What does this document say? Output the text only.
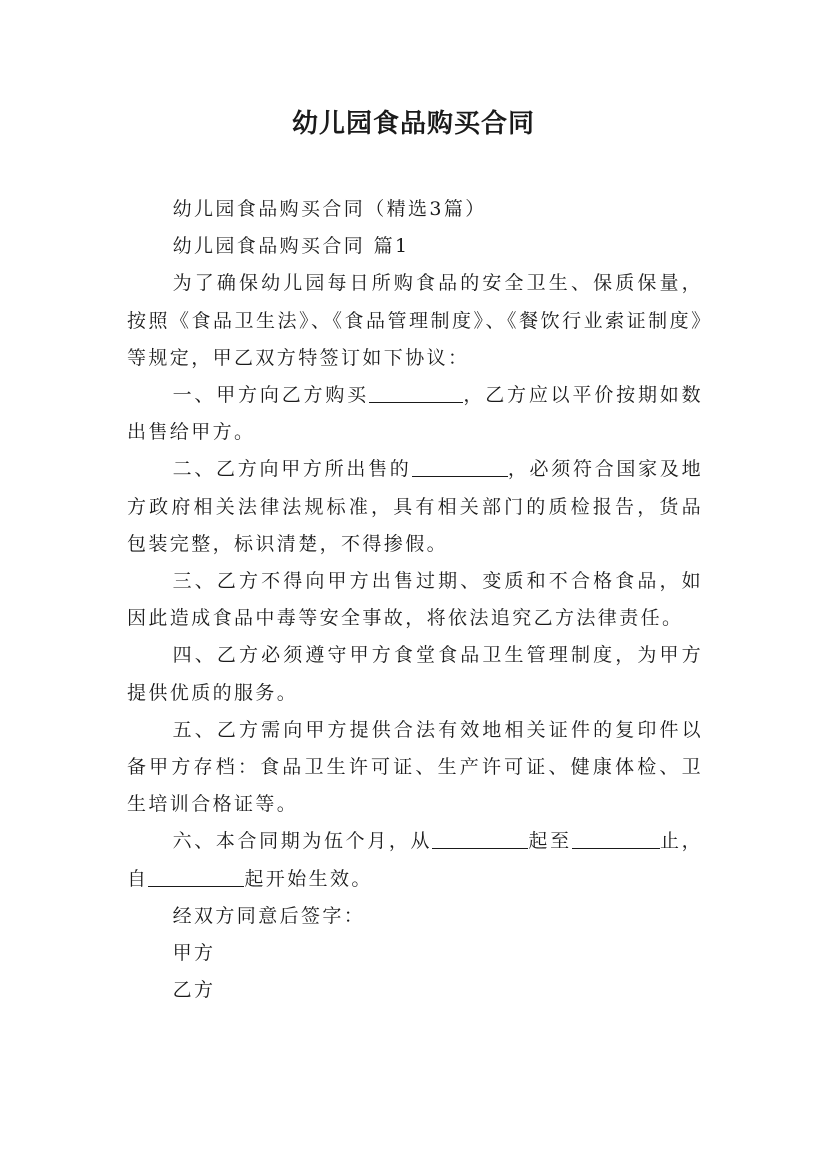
幼儿园食品购买合同

幼儿园食品购买合同（精选3篇）

幼儿园食品购买合同 篇1

为了确保幼儿园每日所购食品的安全卫生、保质保量，按照《食品卫生法》、《食品管理制度》、《餐饮行业索证制度》等规定，甲乙双方特签订如下协议：

一、甲方向乙方购买	，乙方应以平价按期如数出售给甲方。

二、乙方向甲方所出售的	，必须符合国家及地方政府相关法律法规标准，具有相关部门的质检报告，货品包装完整，标识清楚，不得掺假。

三、乙方不得向甲方出售过期、变质和不合格食品，如因此造成食品中毒等安全事故，将依法追究乙方法律责任。

四、乙方必须遵守甲方食堂食品卫生管理制度，为甲方提供优质的服务。

五、乙方需向甲方提供合法有效地相关证件的复印件以备甲方存档：食品卫生许可证、生产许可证、健康体检、卫生培训合格证等。

六、本合同期为伍个月，从	起至	止，自	起开始生效。

经双方同意后签字：

甲方

乙方
